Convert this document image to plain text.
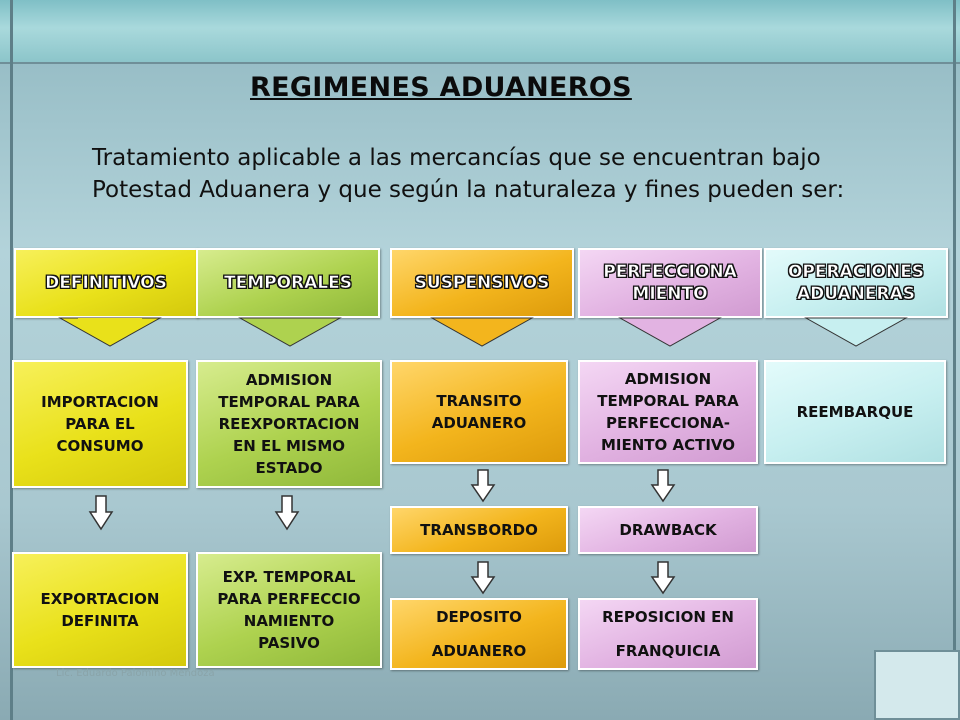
REGIMENES ADUANEROS
Tratamiento aplicable a las mercancías que se encuentran bajo
Potestad Aduanera y que según la naturaleza y fines pueden ser:
DEFINITIVOS	TEMPORALES	SUSPENSIVOS
PERFECCIONA
MIENTO
OPERACIONES
ADUANERAS
IMPORTACION
PARA EL
CONSUMO
ADMISION
TEMPORAL PARA
REEXPORTACION
EN EL MISMO
ESTADO
TRANSITO
ADUANERO
ADMISION
TEMPORAL PARA
PERFECCIONA-
MIENTO ACTIVO
REEMBARQUE
TRANSBORDO	DRAWBACK
EXPORTACION
DEFINITA
EXP. TEMPORAL
PARA PERFECCIO
NAMIENTO
PASIVO
DEPOSITO
ADUANERO
REPOSICION EN
FRANQUICIA
Lic. Eduardo Palomino Mendoza
